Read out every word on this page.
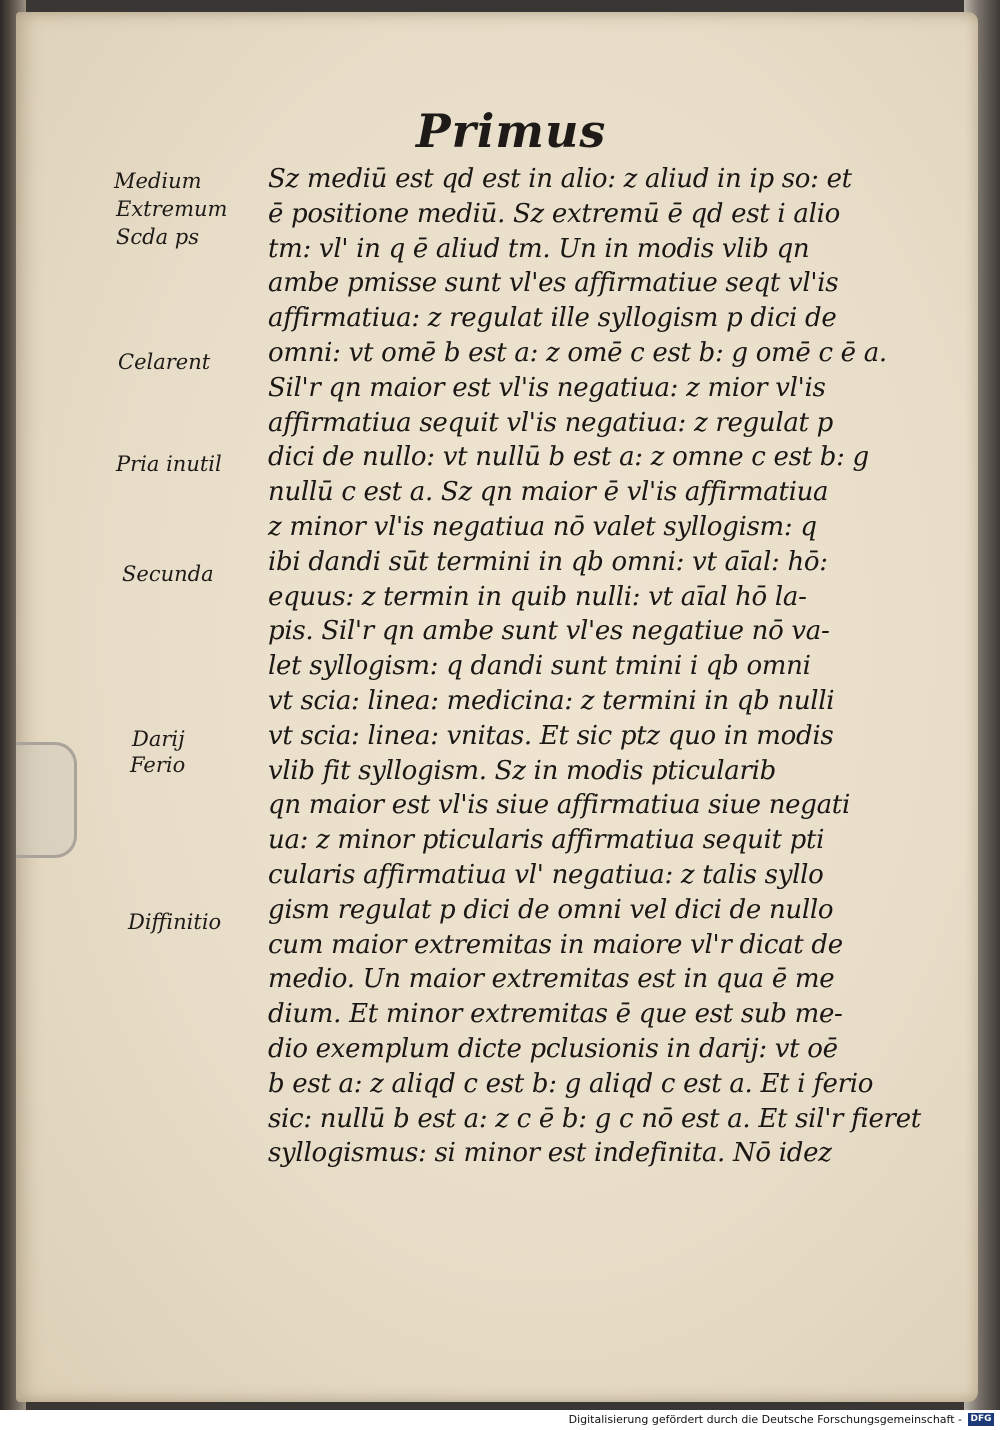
Primus
Medium
Extremum
Scda ps
Celarent
Pria inutil
Secunda
Darij
Ferio
Diffinitio
Sz mediū est qd est in alio: z aliud in ip so: et
ē positione mediū. Sz extremū ē qd est i alio
tm: vl' in q ē aliud tm. Un in modis vlib qn
ambe pmisse sunt vl'es affirmatiue seqt vl'is
affirmatiua: z regulat ille syllogism p dici de
omni: vt omē b est a: z omē c est b: g omē c ē a.
Sil'r qn maior est vl'is negatiua: z mior vl'is
affirmatiua sequit vl'is negatiua: z regulat p
dici de nullo: vt nullū b est a: z omne c est b: g
nullū c est a. Sz qn maior ē vl'is affirmatiua
z minor vl'is negatiua nō valet syllogism: q
ibi dandi sūt termini in qb omni: vt aīal: hō:
equus: z termin in quib nulli: vt aīal hō la-
pis. Sil'r qn ambe sunt vl'es negatiue nō va-
let syllogism: q dandi sunt tmini i qb omni
vt scia: linea: medicina: z termini in qb nulli
vt scia: linea: vnitas. Et sic ptz quo in modis
vlib fit syllogism. Sz in modis pticularib
qn maior est vl'is siue affirmatiua siue negati
ua: z minor pticularis affirmatiua sequit pti
cularis affirmatiua vl' negatiua: z talis syllo
gism regulat p dici de omni vel dici de nullo
cum maior extremitas in maiore vl'r dicat de
medio. Un maior extremitas est in qua ē me
dium. Et minor extremitas ē que est sub me-
dio exemplum dicte pclusionis in darij: vt oē
b est a: z aliqd c est b: g aliqd c est a. Et i ferio
sic: nullū b est a: z c ē b: g c nō est a. Et sil'r fieret
syllogismus: si minor est indefinita. Nō idez
Digitalisierung gefördert durch die Deutsche Forschungsgemeinschaft - DFG
